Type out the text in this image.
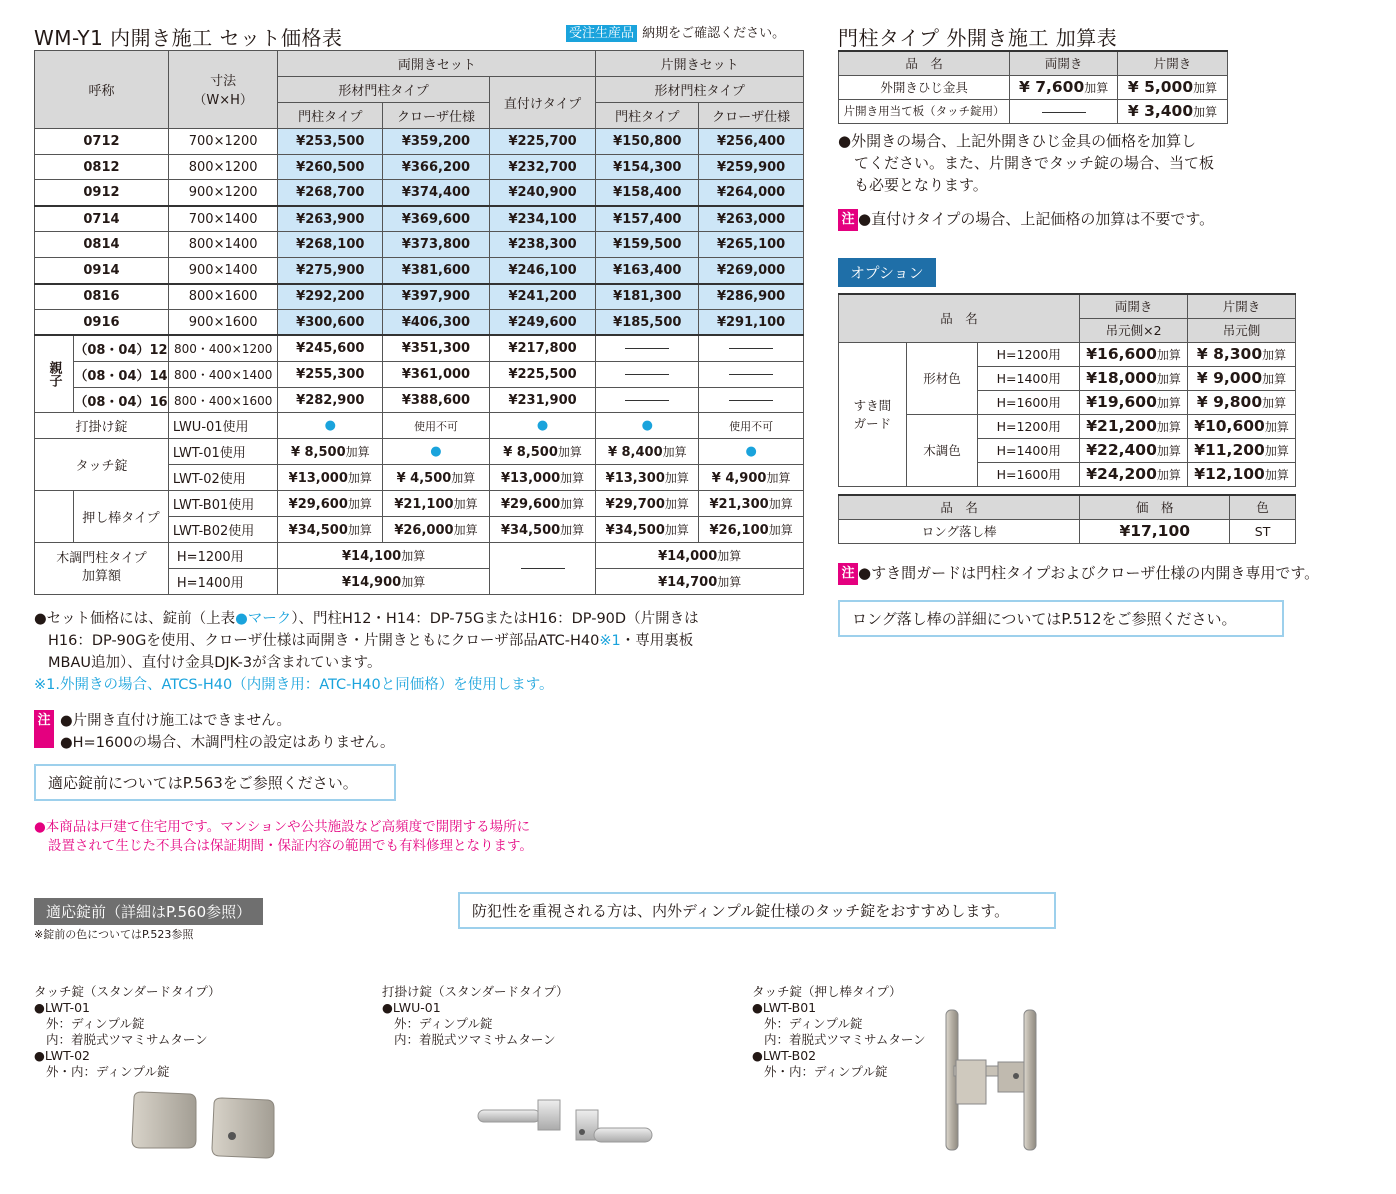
WM-Y1 内開き施工 セット価格表	受注生産品 納期をご確認ください。
呼称		寸法
（W×H）	両開きセット			片開きセット	
			形材門柱タイプ		直付けタイプ	形材門柱タイプ	
			門柱タイプ	クローザ仕様		門柱タイプ	クローザ仕様
0712		700×1200	¥253,500	¥359,200	¥225,700	¥150,800	¥256,400
0812		800×1200	¥260,500	¥366,200	¥232,700	¥154,300	¥259,900
0912		900×1200	¥268,700	¥374,400	¥240,900	¥158,400	¥264,000
0714		700×1400	¥263,900	¥369,600	¥234,100	¥157,400	¥263,000
0814		800×1400	¥268,100	¥373,800	¥238,300	¥159,500	¥265,100
0914		900×1400	¥275,900	¥381,600	¥246,100	¥163,400	¥269,000
0816		800×1600	¥292,200	¥397,900	¥241,200	¥181,300	¥286,900
0916		900×1600	¥300,600	¥406,300	¥249,600	¥185,500	¥291,100
親子	（08・04）12	800・400×1200	¥245,600	¥351,300	¥217,800		
	（08・04）14	800・400×1400	¥255,300	¥361,000	¥225,500		
	（08・04）16	800・400×1600	¥282,900	¥388,600	¥231,900		
打掛け錠		LWU-01使用	●	使用不可	●	●	使用不可
タッチ錠		LWT-01使用	¥ 8,500加算	●	¥ 8,500加算	¥ 8,400加算	●
		LWT-02使用	¥13,000加算	¥ 4,500加算	¥13,000加算	¥13,300加算	¥ 4,900加算
	押し棒タイプ	LWT-B01使用	¥29,600加算	¥21,100加算	¥29,600加算	¥29,700加算	¥21,300加算
		LWT-B02使用	¥34,500加算	¥26,000加算	¥34,500加算	¥34,500加算	¥26,100加算
木調門柱タイプ
加算額		H=1200用	¥14,100加算			¥14,000加算	
		H=1400用	¥14,900加算			¥14,700加算	
●セット価格には、錠前（上表●マーク）、門柱H12・H14：DP-75GまたはH16：DP-90D（片開きは
H16：DP-90Gを使用、クローザ仕様は両開き・片開きともにクローザ部品ATC-H40※1・専用裏板
MBAU追加）、直付け金具DJK-3が含まれています。
※1.外開きの場合、ATCS-H40（内開き用：ATC-H40と同価格）を使用します。
注 ●片開き直付け施工はできません。
●H=1600の場合、木調門柱の設定はありません。
適応錠前についてはP.563をご参照ください。
●本商品は戸建て住宅用です。マンションや公共施設など高頻度で開閉する場所に
設置されて生じた不具合は保証期間・保証内容の範囲でも有料修理となります。
門柱タイプ 外開き施工 加算表
品　名	両開き	片開き
外開きひじ金具	¥ 7,600加算	¥ 5,000加算
片開き用当て板（タッチ錠用）		¥ 3,400加算
●外開きの場合、上記外開きひじ金具の価格を加算し
てください。また、片開きでタッチ錠の場合、当て板
も必要となります。
注 ●直付けタイプの場合、上記価格の加算は不要です。
オプション
品　名			両開き	片開き
			吊元側×2	吊元側
すき間
ガード	形材色	H=1200用	¥16,600加算	¥ 8,300加算
		H=1400用	¥18,000加算	¥ 9,000加算
		H=1600用	¥19,600加算	¥ 9,800加算
	木調色	H=1200用	¥21,200加算	¥10,600加算
		H=1400用	¥22,400加算	¥11,200加算
		H=1600用	¥24,200加算	¥12,100加算
品　名	価　格	色
ロング落し棒	¥17,100	ST
注 ●すき間ガードは門柱タイプおよびクローザ仕様の内開き専用です。
ロング落し棒の詳細についてはP.512をご参照ください。
適応錠前（詳細はP.560参照）
※錠前の色についてはP.523参照
防犯性を重視される方は、内外ディンプル錠仕様のタッチ錠をおすすめします。
タッチ錠（スタンダードタイプ）
●LWT-01
外：ディンプル錠
内：着脱式ツマミサムターン
●LWT-02
外・内：ディンプル錠
打掛け錠（スタンダードタイプ）
●LWU-01
外：ディンプル錠
内：着脱式ツマミサムターン
タッチ錠（押し棒タイプ）
●LWT-B01
外：ディンプル錠
内：着脱式ツマミサムターン
●LWT-B02
外・内：ディンプル錠
